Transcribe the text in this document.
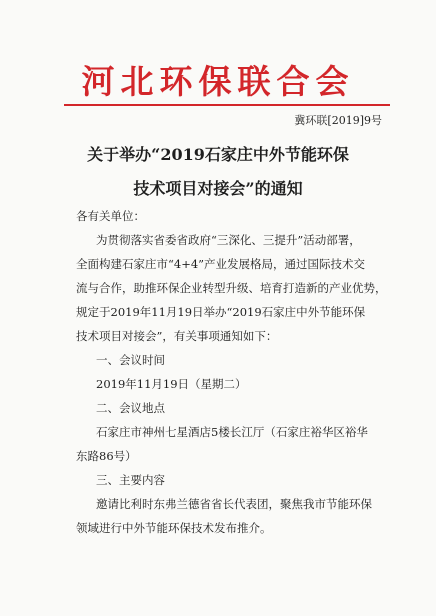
河北环保联合会
冀环联[2019]9号
关于举办“2019石家庄中外节能环保
技术项目对接会”的通知
各有关单位：
为贯彻落实省委省政府“三深化、三提升”活动部署，
全面构建石家庄市“4+4”产业发展格局，通过国际技术交
流与合作，助推环保企业转型升级、培育打造新的产业优势，
规定于2019年11月19日举办“2019石家庄中外节能环保
技术项目对接会”，有关事项通知如下：
一、会议时间
2019年11月19日（星期二）
二、会议地点
石家庄市神州七星酒店5楼长江厅（石家庄裕华区裕华
东路86号）
三、主要内容
邀请比利时东弗兰德省省长代表团，聚焦我市节能环保
领域进行中外节能环保技术发布推介。
